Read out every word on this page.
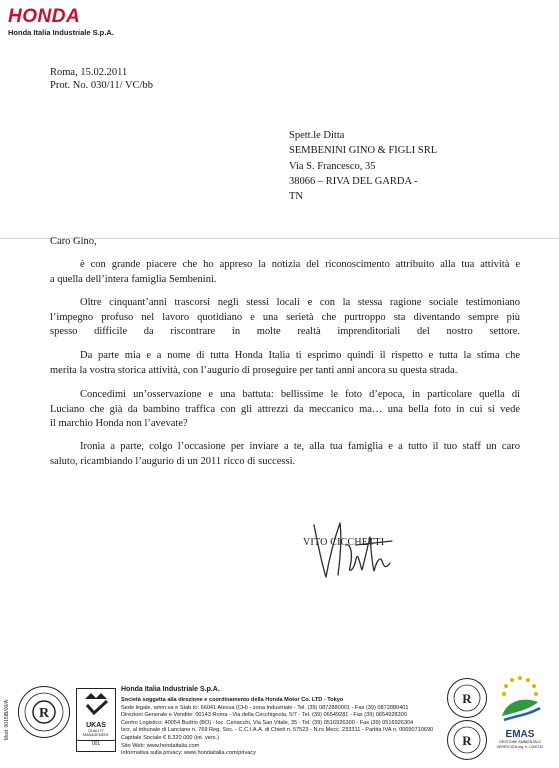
HONDA
Honda Italia Industriale S.p.A.
Roma, 15.02.2011
Prot. No. 030/11/ VC/bb
Spett.le Ditta
SEMBENINI GINO & FIGLI SRL
Via S. Francesco, 35
38066 – RIVA DEL GARDA -
TN
Caro Gino,
è con grande piacere che ho appreso la notizia del riconoscimento attribuito alla tua attività e
a quella dell’intera famiglia Sembenini.
Oltre cinquant’anni trascorsi negli stessi locali e con la stessa ragione sociale testimoniano
l’impegno profuso nel lavoro quotidiano e una serietà che purtroppo sta diventando sempre più
spesso difficile da riscontrare in molte realtà imprenditoriali del nostro settore.
Da parte mia e a nome di tutta Honda Italia ti esprimo quindi il rispetto e tutta la stima che
merita la vostra storica attività, con l’augurio di proseguire per tanti anni ancora su questa strada.
Concedimi un’osservazione e una battuta: bellissime le foto d’epoca, in particolare quella di
Luciano che già da bambino traffica con gli attrezzi da meccanico ma… una bella foto in cui si vede
il marchio Honda non l’avevate?
Ironia a parte, colgo l’occasione per inviare a te, alla tua famiglia e a tutto il tuo staff un caro
saluto, ricambiando l’augurio di un 2011 ricco di successi.
VITO CICCHETTI
Mod. 0015IB/00/A R
UKAS
QUALITY MANAGEMENT
001
Honda Italia Industriale S.p.A.
Società soggetta alla direzione e coordinamento della Honda Motor Co. LTD - Tokyo
Sede legale, amm.va e Stab.to: 66041 Atessa (CH) - zona Industriale - Tel. (39) 0872880001 - Fax (39) 0872880401
Direzioni Generale e Vendite: 00143 Roma - Via della Cecchignola, 5/7 - Tel. (39) 06549281 - Fax (39) 0654928300
Centro Logistico: 40054 Budrio (BO) - loc. Cenacchi, Via San Vitale, 35 - Tel. (39) 0516926300 - Fax (39) 0516926304
Iscr. al tribunale di Lanciano n. 769 Reg. Soc. - C.C.I.A.A. di Chieti n. 57523 - N.ro Mecc. 233311 - Partita IVA n. 00090710690
Capitale Sociale € 8.320.000 (int. vers.)
Sito Web: www.hondaitalia.com
Informativa sulla privacy: www.hondaitalia.com/privacy
R
R	EMAS
GESTIONE AMBIENTALE
VERIFICATA reg. n. I-000732
